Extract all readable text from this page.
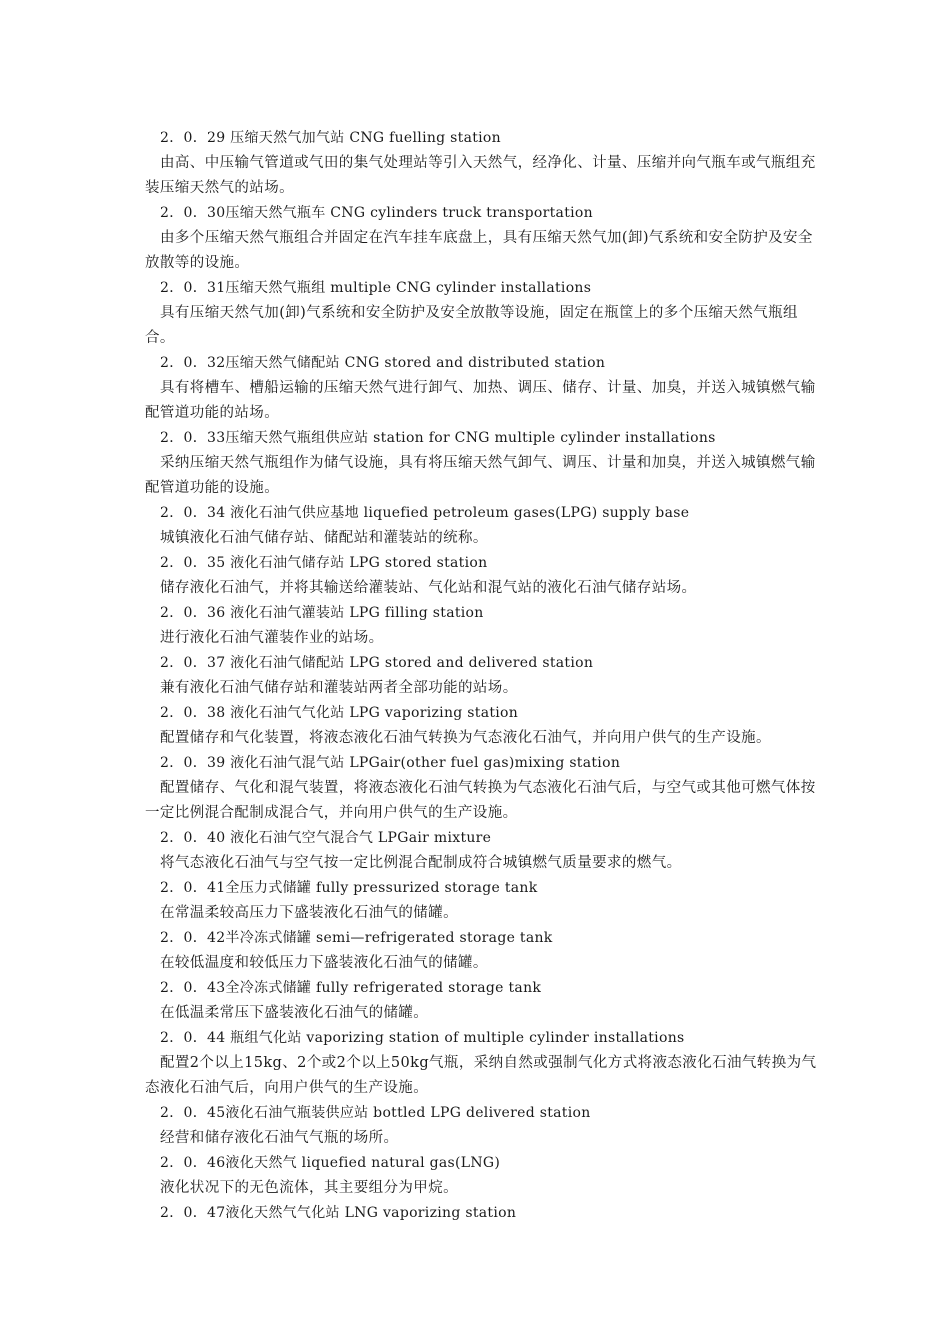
2．0．29 压缩天然气加气站 CNG fuelling station

由高、中压输气管道或气田的集气处理站等引入天然气，经净化、计量、压缩并向气瓶车或气瓶组充装压缩天然气的站场。

2．0．30压缩天然气瓶车 CNG cylinders truck transportation

由多个压缩天然气瓶组合并固定在汽车挂车底盘上，具有压缩天然气加(卸)气系统和安全防护及安全放散等的设施。

2．0．31压缩天然气瓶组 multiple CNG cylinder installations

具有压缩天然气加(卸)气系统和安全防护及安全放散等设施，固定在瓶筐上的多个压缩天然气瓶组合。

2．0．32压缩天然气储配站 CNG stored and distributed station

具有将槽车、槽船运输的压缩天然气进行卸气、加热、调压、储存、计量、加臭，并送入城镇燃气输配管道功能的站场。

2．0．33压缩天然气瓶组供应站 station for CNG multiple cylinder installations

采纳压缩天然气瓶组作为储气设施，具有将压缩天然气卸气、调压、计量和加臭，并送入城镇燃气输配管道功能的设施。

2．0．34 液化石油气供应基地 liquefied petroleum gases(LPG) supply base

城镇液化石油气储存站、储配站和灌装站的统称。

2．0．35 液化石油气储存站 LPG stored station

储存液化石油气，并将其输送给灌装站、气化站和混气站的液化石油气储存站场。

2．0．36 液化石油气灌装站 LPG filling station

进行液化石油气灌装作业的站场。

2．0．37 液化石油气储配站 LPG stored and delivered station

兼有液化石油气储存站和灌装站两者全部功能的站场。

2．0．38 液化石油气气化站 LPG vaporizing station

配置储存和气化装置，将液态液化石油气转换为气态液化石油气，并向用户供气的生产设施。

2．0．39 液化石油气混气站 LPGair(other fuel gas)mixing station

配置储存、气化和混气装置，将液态液化石油气转换为气态液化石油气后，与空气或其他可燃气体按一定比例混合配制成混合气，并向用户供气的生产设施。

2．0．40 液化石油气空气混合气 LPGair mixture

将气态液化石油气与空气按一定比例混合配制成符合城镇燃气质量要求的燃气。

2．0．41全压力式储罐 fully pressurized storage tank

在常温柔较高压力下盛装液化石油气的储罐。

2．0．42半冷冻式储罐 semi—refrigerated storage tank

在较低温度和较低压力下盛装液化石油气的储罐。

2．0．43全冷冻式储罐 fully refrigerated storage tank

在低温柔常压下盛装液化石油气的储罐。

2．0．44 瓶组气化站 vaporizing station of multiple cylinder installations

配置2个以上15kg、2个或2个以上50kg气瓶，采纳自然或强制气化方式将液态液化石油气转换为气态液化石油气后，向用户供气的生产设施。

2．0．45液化石油气瓶装供应站 bottled LPG delivered station

经营和储存液化石油气气瓶的场所。

2．0．46液化天然气 liquefied natural gas(LNG)

液化状况下的无色流体，其主要组分为甲烷。

2．0．47液化天然气气化站 LNG vaporizing station
